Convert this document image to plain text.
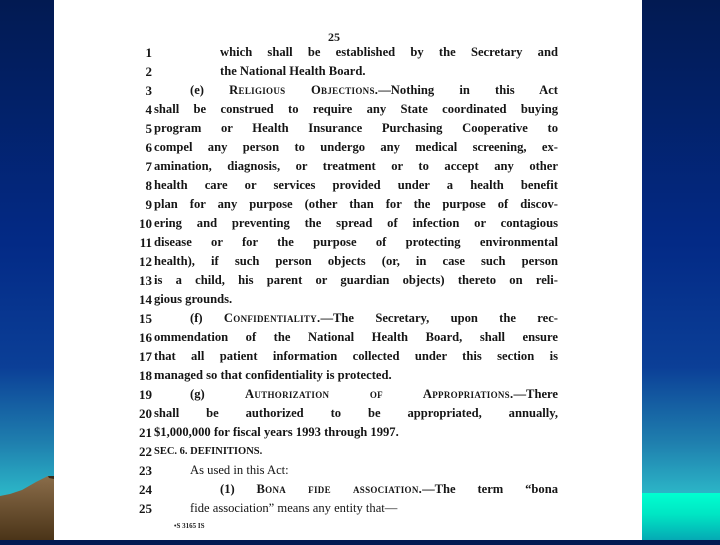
25
1	which shall be established by the Secretary and
2	the National Health Board.
3	(e) Religious Objections.—Nothing in this Act
4 shall be construed to require any State coordinated buying
5 program or Health Insurance Purchasing Cooperative to
6 compel any person to undergo any medical screening, ex-
7 amination, diagnosis, or treatment or to accept any other
8 health care or services provided under a health benefit
9 plan for any purpose (other than for the purpose of discov-
10 ering and preventing the spread of infection or contagious
11 disease or for the purpose of protecting environmental
12 health), if such person objects (or, in case such person
13 is a child, his parent or guardian objects) thereto on reli-
14 gious grounds.
15	(f) Confidentiality.—The Secretary, upon the rec-
16 ommendation of the National Health Board, shall ensure
17 that all patient information collected under this section is
18 managed so that confidentiality is protected.
19	(g) Authorization of Appropriations.—There
20 shall be authorized to be appropriated, annually,
21 $1,000,000 for fiscal years 1993 through 1997.
22 SEC. 6. DEFINITIONS.
23	As used in this Act:
24	(1) Bona fide association.—The term “bona
25	fide association” means any entity that—
•S 3165 IS
